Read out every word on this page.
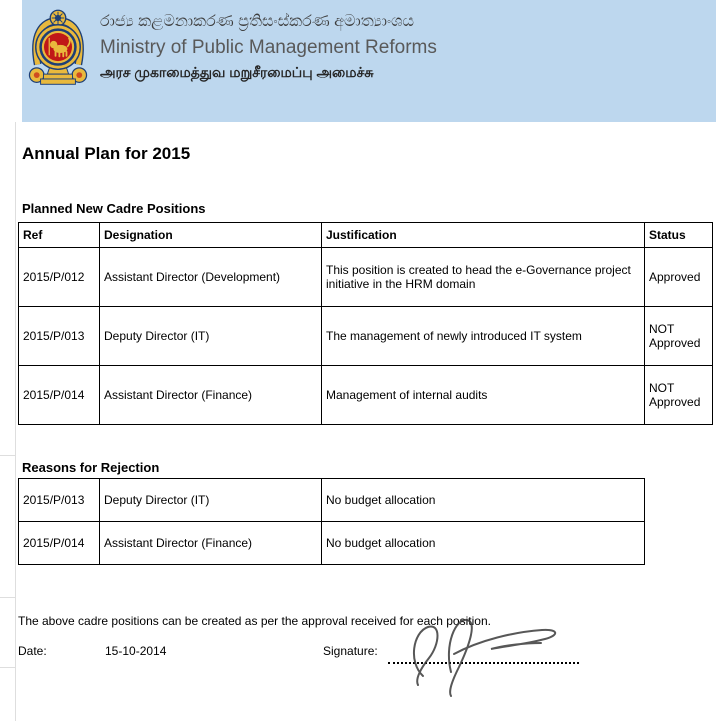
රාජ්‍ය කළමනාකරණ ප්‍රතිසංස්කරණ අමාත්‍යාංශය
Ministry of Public Management Reforms
அரச முகாமைத்துவ மறுசீரமைப்பு அமைச்சு
Annual Plan for 2015
Planned New Cadre Positions
Ref	Designation	Justification	Status
2015/P/012	Assistant Director (Development)	This position is created to head the e-Governance project initiative in the HRM domain	Approved
2015/P/013	Deputy Director (IT)	The management of newly introduced IT system	NOT Approved
2015/P/014	Assistant Director (Finance)	Management of internal audits	NOT Approved
Reasons for Rejection
2015/P/013	Deputy Director (IT)	No budget allocation
2015/P/014	Assistant Director (Finance)	No budget allocation

The above cadre positions can be created as per the approval received for each position.

Date:	15-10-2014	Signature:
